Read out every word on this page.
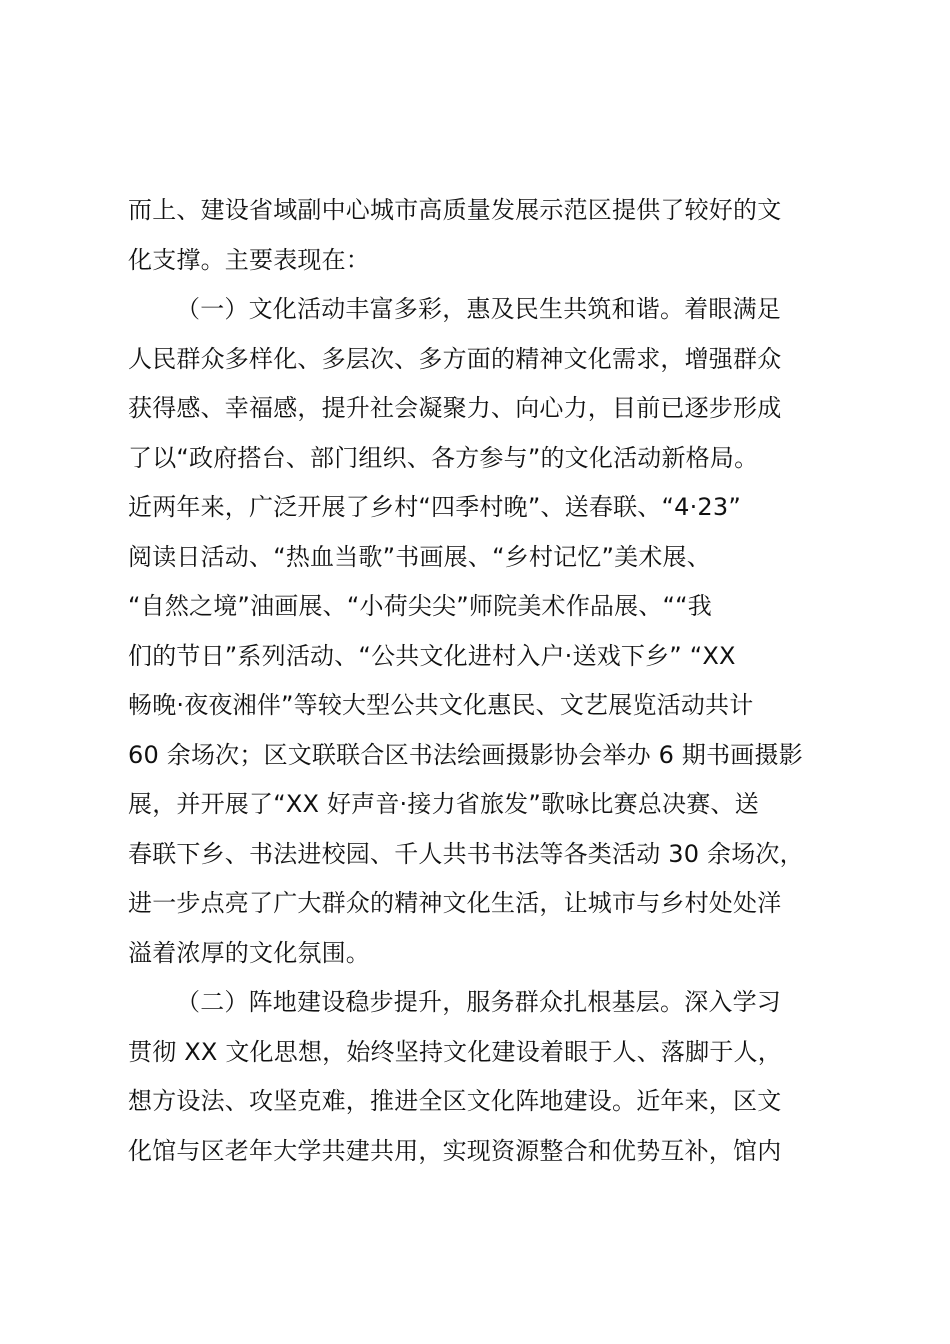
而上、建设省域副中心城市高质量发展示范区提供了较好的文
化支撑。主要表现在：
（一）文化活动丰富多彩，惠及民生共筑和谐。着眼满足
人民群众多样化、多层次、多方面的精神文化需求，增强群众
获得感、幸福感，提升社会凝聚力、向心力，目前已逐步形成
了以“政府搭台、部门组织、各方参与”的文化活动新格局。
近两年来，广泛开展了乡村“四季村晚”、送春联、“4·23”
阅读日活动、“热血当歌”书画展、“乡村记忆”美术展、
“自然之境”油画展、“小荷尖尖”师院美术作品展、““我
们的节日”系列活动、“公共文化进村入户·送戏下乡” “XX
畅晚·夜夜湘伴”等较大型公共文化惠民、文艺展览活动共计
60 余场次；区文联联合区书法绘画摄影协会举办 6 期书画摄影
展，并开展了“XX 好声音·接力省旅发”歌咏比赛总决赛、送
春联下乡、书法进校园、千人共书书法等各类活动 30 余场次，
进一步点亮了广大群众的精神文化生活，让城市与乡村处处洋
溢着浓厚的文化氛围。
（二）阵地建设稳步提升，服务群众扎根基层。深入学习
贯彻 XX 文化思想，始终坚持文化建设着眼于人、落脚于人，
想方设法、攻坚克难，推进全区文化阵地建设。近年来，区文
化馆与区老年大学共建共用，实现资源整合和优势互补，馆内
